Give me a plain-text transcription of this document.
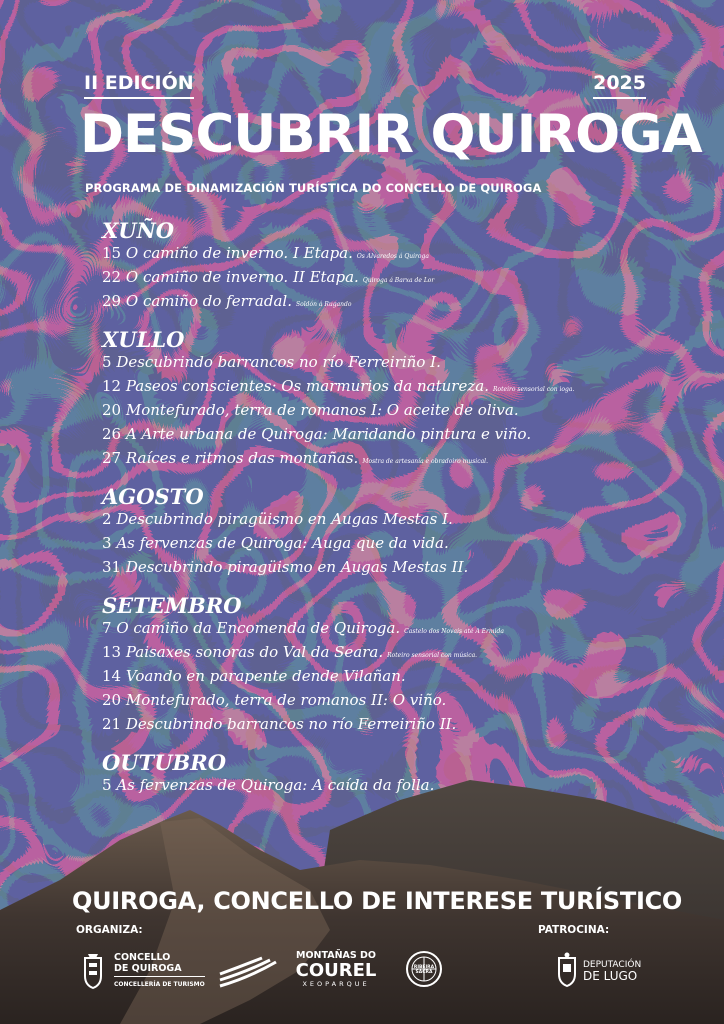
II EDICIÓN	2025
DESCUBRIR QUIROGA
PROGRAMA DE DINAMIZACIÓN TURÍSTICA DO CONCELLO DE QUIROGA
XUÑO
15 O camiño de inverno. I Etapa. Os Alvaredos á Quiroga
22 O camiño de inverno. II Etapa. Quiroga á Barxa de Lor
29 O camiño do ferradal. Soldón á Rugando
XULLO
5 Descubrindo barrancos no río Ferreiriño I.
12 Paseos conscientes: Os marmurios da natureza. Roteiro sensorial con ioga.
20 Montefurado, terra de romanos I: O aceite de oliva.
26 A Arte urbana de Quiroga: Maridando pintura e viño.
27 Raíces e ritmos das montañas. Mostra de artesanía e obradoiro musical.
AGOSTO
2 Descubrindo piragüismo en Augas Mestas I.
3 As fervenzas de Quiroga: Auga que da vida.
31 Descubrindo piragüismo en Augas Mestas II.
SETEMBRO
7 O camiño da Encomenda de Quiroga. Castelo dos Novais até A Ermida
13 Paisaxes sonoras do Val da Seara. Roteiro sensorial con música.
14 Voando en parapente dende Vilañan.
20 Montefurado, terra de romanos II: O viño.
21 Descubrindo barrancos no río Ferreiriño II.
OUTUBRO
5 As fervenzas de Quiroga: A caída da folla.
QUIROGA, CONCELLO DE INTERESE TURÍSTICO
ORGANIZA:	PATROCINA:
CONCELLO
DE QUIROGA
CONCELLERÍA DE TURISMO
MONTAÑAS DO
COUREL
XEOPARQUE
RIBEIRA SACRA
DEPUTACIÓN
DE LUGO
